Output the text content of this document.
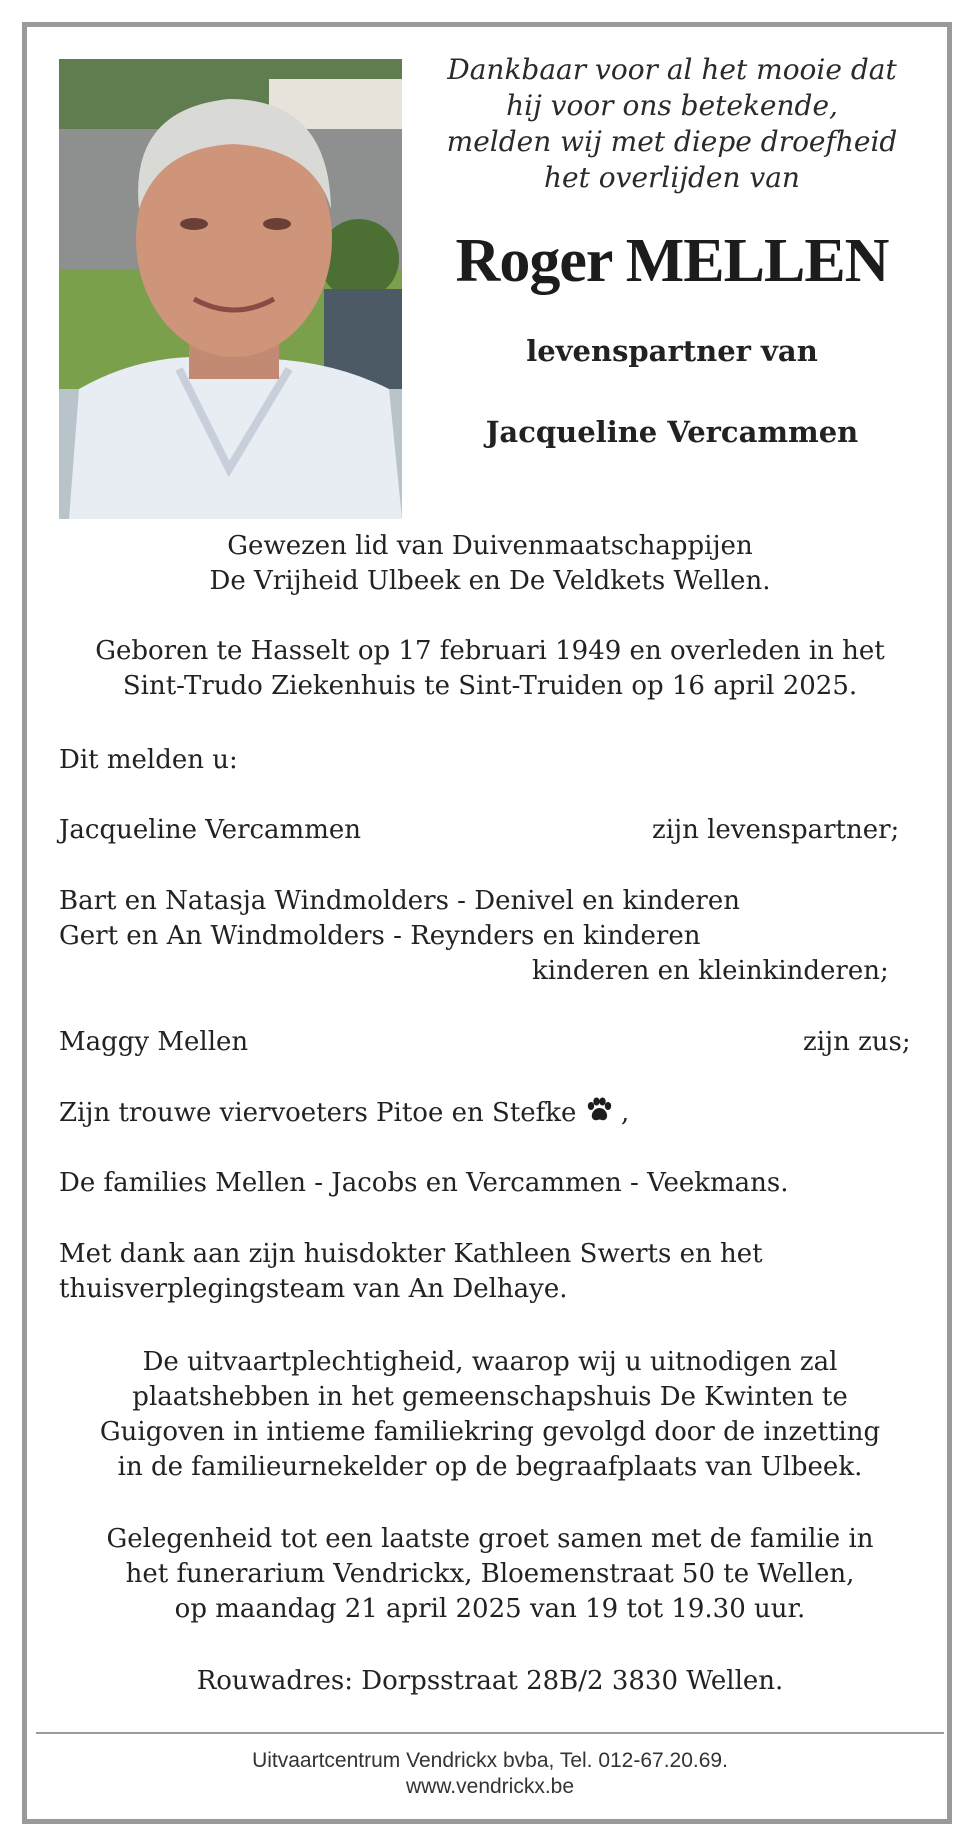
Dankbaar voor al het mooie dat
hij voor ons betekende,
melden wij met diepe droefheid
het overlijden van
Roger MELLEN
levenspartner van
Jacqueline Vercammen
Gewezen lid van Duivenmaatschappijen
De Vrijheid Ulbeek en De Veldkets Wellen.
Geboren te Hasselt op 17 februari 1949 en overleden in het
Sint-Trudo Ziekenhuis te Sint-Truiden op 16 april 2025.
Dit melden u:
Jacqueline Vercammen	zijn levenspartner;
Bart en Natasja Windmolders - Denivel en kinderen
Gert en An Windmolders - Reynders en kinderen
kinderen en kleinkinderen;
Maggy Mellen	zijn zus;
Zijn trouwe viervoeters Pitoe en Stefke  ,
De families Mellen - Jacobs en Vercammen - Veekmans.
Met dank aan zijn huisdokter Kathleen Swerts en het
thuisverplegingsteam van An Delhaye.
De uitvaartplechtigheid, waarop wij u uitnodigen zal
plaatshebben in het gemeenschapshuis De Kwinten te
Guigoven in intieme familiekring gevolgd door de inzetting
in de familieurnekelder op de begraafplaats van Ulbeek.
Gelegenheid tot een laatste groet samen met de familie in
het funerarium Vendrickx, Bloemenstraat 50 te Wellen,
op maandag 21 april 2025 van 19 tot 19.30 uur.
Rouwadres: Dorpsstraat 28B/2 3830 Wellen.
Uitvaartcentrum Vendrickx bvba, Tel. 012-67.20.69.
www.vendrickx.be
